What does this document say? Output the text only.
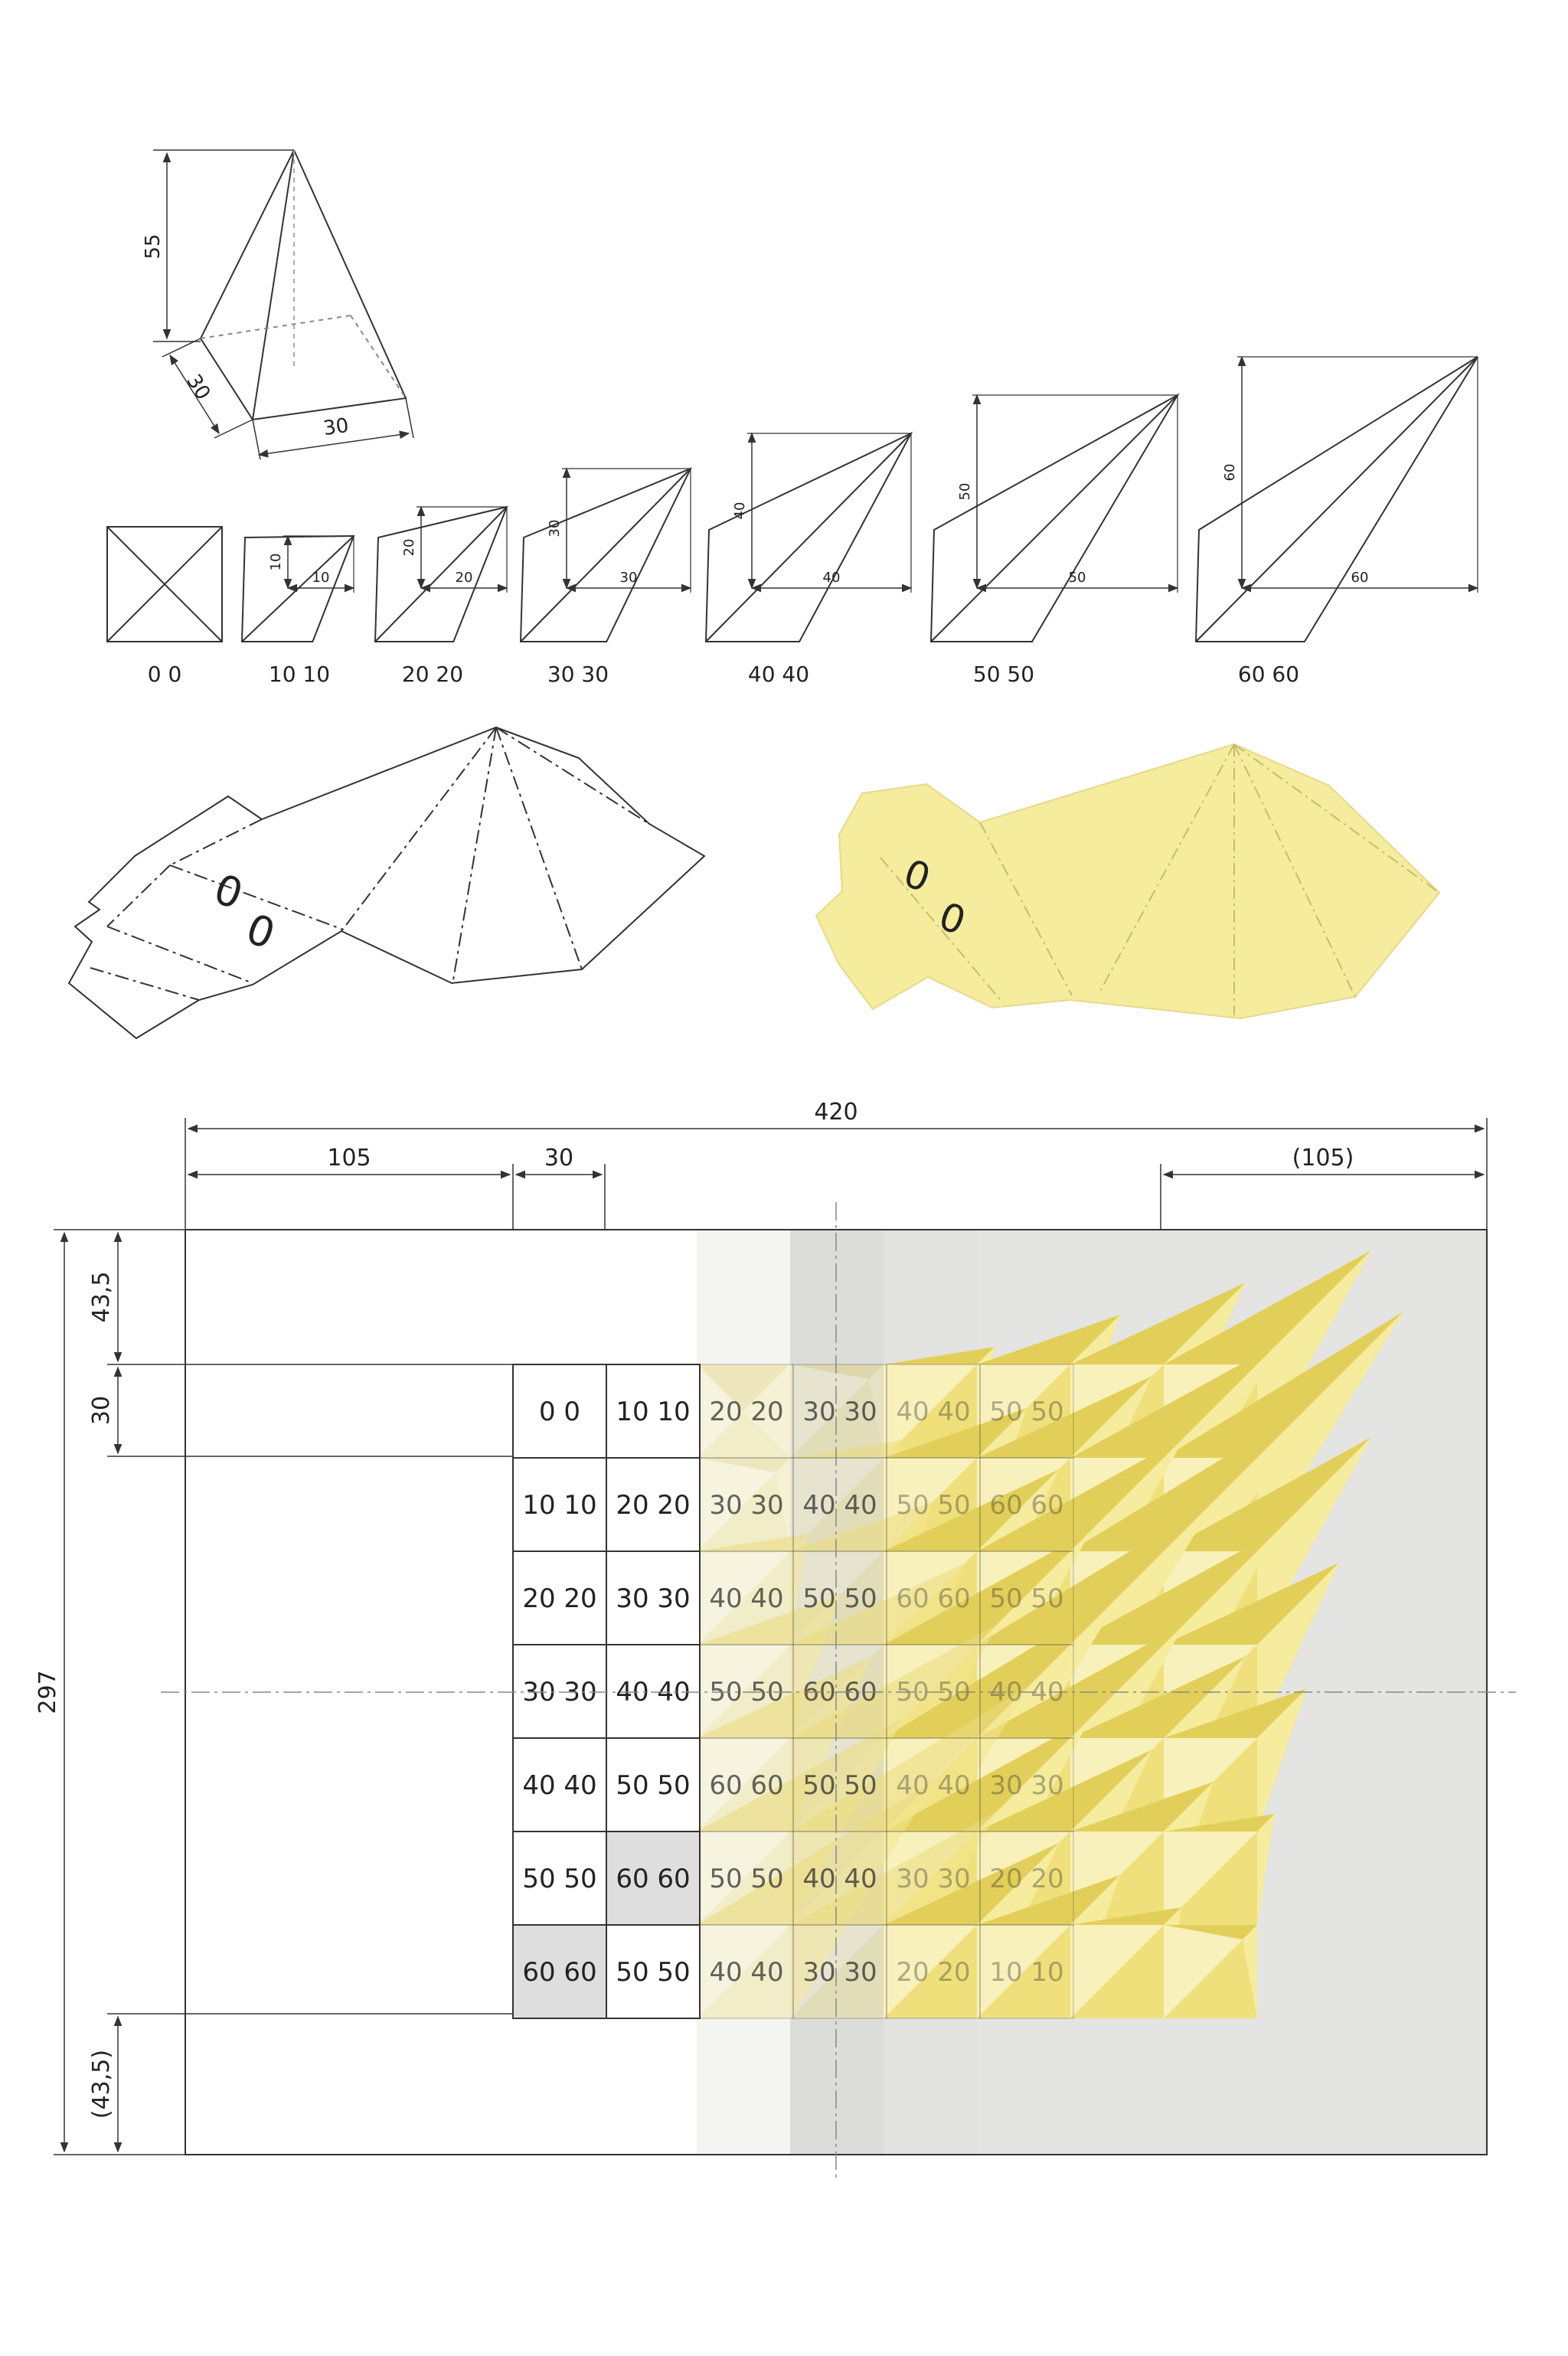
55
30
30
0 0
10
10
10 10
20
20
20 20
30
30
30 30
40
40
40 40
50
50
50 50
60
60
60 60
0
0
0
0
0 0 10 10 20 20 30 30 40 40 50 50
10 10 20 20 30 30 40 40 50 50 60 60
20 20 30 30 40 40 50 50 60 60 50 50
30 30 40 40 50 50 60 60 50 50 40 40
40 40 50 50 60 60 50 50 40 40 30 30
50 50 60 60 50 50 40 40 30 30 20 20
60 60 50 50 40 40 30 30 20 20 10 10
420
105	30	(105)
297
43,5
30
(43,5)
